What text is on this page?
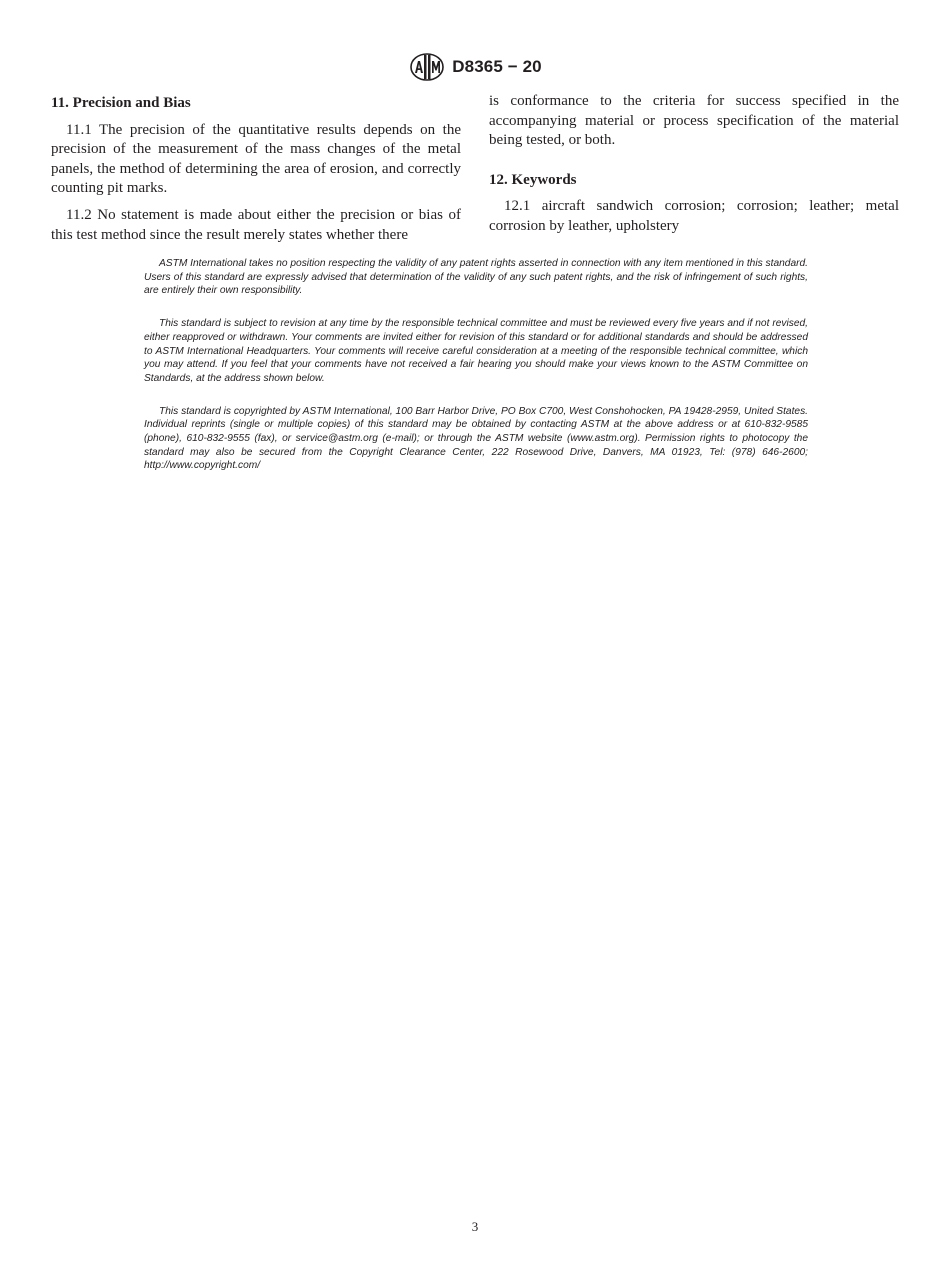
D8365 − 20
11. Precision and Bias

11.1 The precision of the quantitative results depends on the precision of the measurement of the mass changes of the metal panels, the method of determining the area of erosion, and correctly counting pit marks.

11.2 No statement is made about either the precision or bias of this test method since the result merely states whether there

is conformance to the criteria for success specified in the accompanying material or process specification of the material being tested, or both.

12. Keywords

12.1 aircraft sandwich corrosion; corrosion; leather; metal corrosion by leather, upholstery

ASTM International takes no position respecting the validity of any patent rights asserted in connection with any item mentioned in this standard. Users of this standard are expressly advised that determination of the validity of any such patent rights, and the risk of infringement of such rights, are entirely their own responsibility.

This standard is subject to revision at any time by the responsible technical committee and must be reviewed every five years and if not revised, either reapproved or withdrawn. Your comments are invited either for revision of this standard or for additional standards and should be addressed to ASTM International Headquarters. Your comments will receive careful consideration at a meeting of the responsible technical committee, which you may attend. If you feel that your comments have not received a fair hearing you should make your views known to the ASTM Committee on Standards, at the address shown below.

This standard is copyrighted by ASTM International, 100 Barr Harbor Drive, PO Box C700, West Conshohocken, PA 19428-2959, United States. Individual reprints (single or multiple copies) of this standard may be obtained by contacting ASTM at the above address or at 610-832-9585 (phone), 610-832-9555 (fax), or service@astm.org (e-mail); or through the ASTM website (www.astm.org). Permission rights to photocopy the standard may also be secured from the Copyright Clearance Center, 222 Rosewood Drive, Danvers, MA 01923, Tel: (978) 646-2600; http://www.copyright.com/

3
